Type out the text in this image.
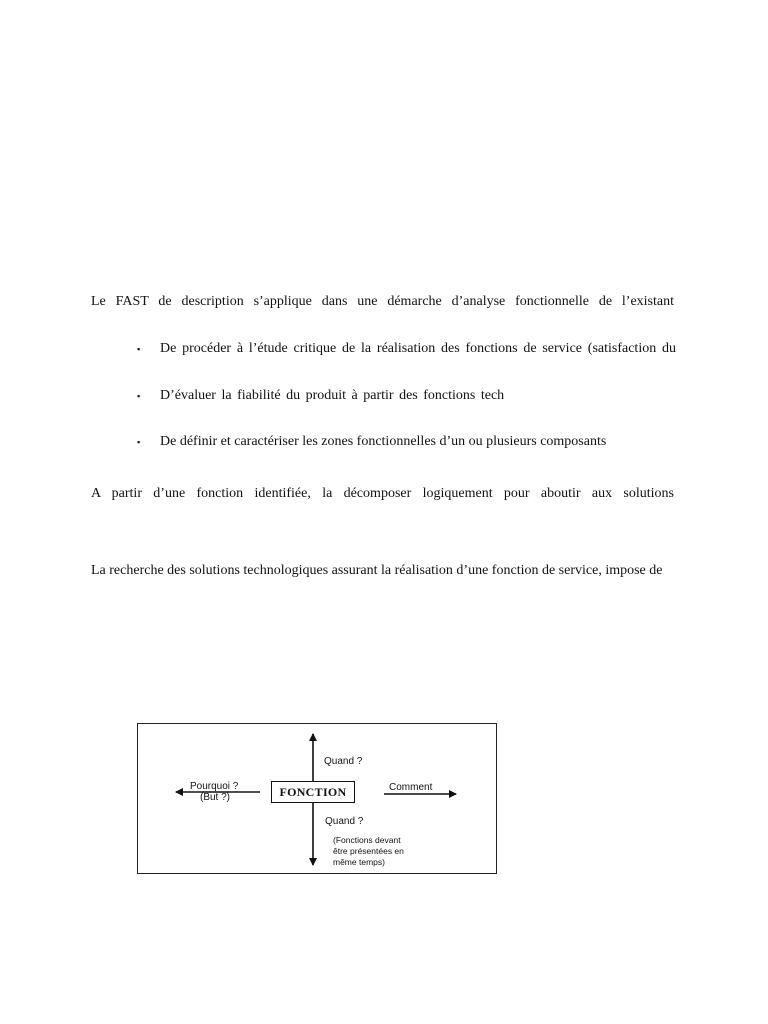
Le FAST de description s’applique dans une démarche d’analyse fonctionnelle de l’existant

▪ De procéder à l’étude critique de la réalisation des fonctions de service (satisfaction du

▪ D’évaluer la fiabilité du produit à partir des fonctions tech

▪ De définir et caractériser les zones fonctionnelles d’un ou plusieurs composants

A partir d’une fonction identifiée, la décomposer logiquement pour aboutir aux solutions

La recherche des solutions technologiques assurant la réalisation d’une fonction de service, impose de

FONCTION
Quand ?
Quand ?
Pourquoi ?
(But ?)
Comment
(Fonctions devant
être présentées en
même temps)
